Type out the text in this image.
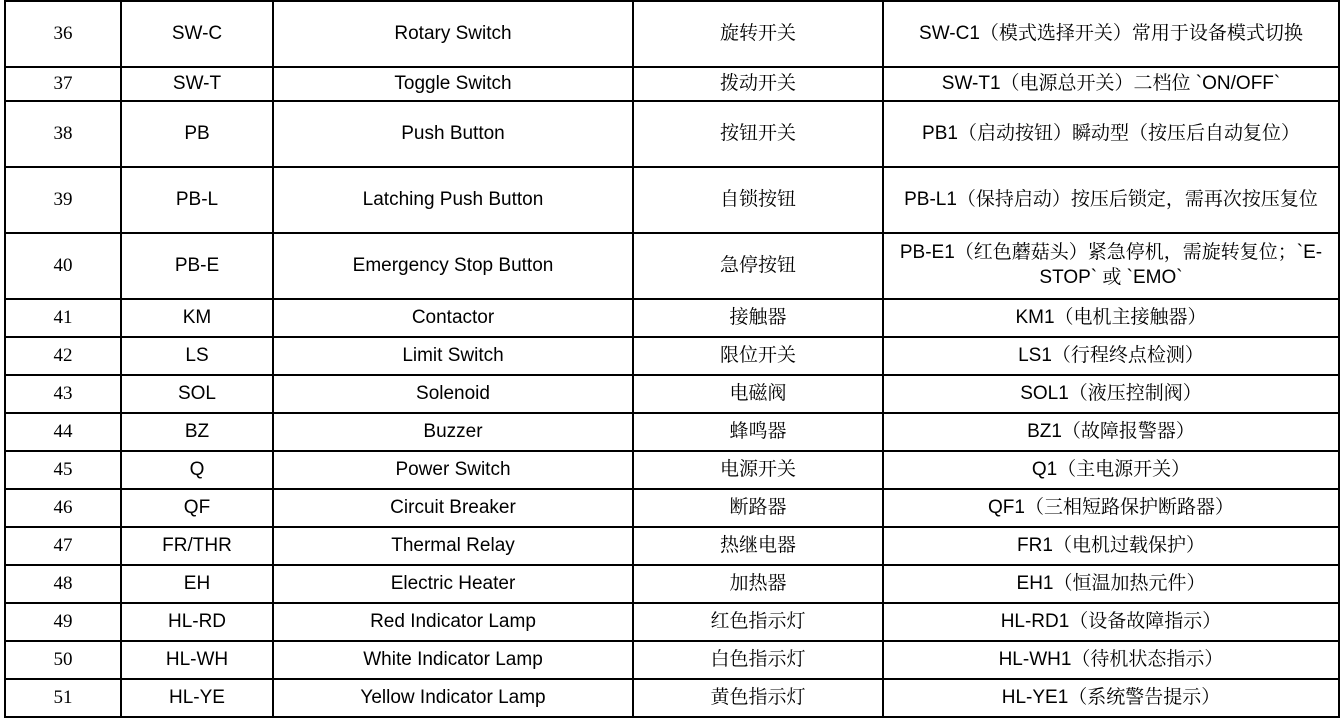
36	SW-C	Rotary Switch	旋转开关	SW-C1（模式选择开关）常用于设备模式切换
37	SW-T	Toggle Switch	拨动开关	SW-T1（电源总开关）二档位 `ON/OFF`
38	PB	Push Button	按钮开关	PB1（启动按钮）瞬动型（按压后自动复位）
39	PB-L	Latching Push Button	自锁按钮	PB-L1（保持启动）按压后锁定，需再次按压复位
40	PB-E	Emergency Stop Button	急停按钮	PB-E1（红色蘑菇头）紧急停机，需旋转复位；`E-STOP` 或 `EMO`
41	KM	Contactor	接触器	KM1（电机主接触器）
42	LS	Limit Switch	限位开关	LS1（行程终点检测）
43	SOL	Solenoid	电磁阀	SOL1（液压控制阀）
44	BZ	Buzzer	蜂鸣器	BZ1（故障报警器）
45	Q	Power Switch	电源开关	Q1（主电源开关）
46	QF	Circuit Breaker	断路器	QF1（三相短路保护断路器）
47	FR/THR	Thermal Relay	热继电器	FR1（电机过载保护）
48	EH	Electric Heater	加热器	EH1（恒温加热元件）
49	HL-RD	Red Indicator Lamp	红色指示灯	HL-RD1（设备故障指示）
50	HL-WH	White Indicator Lamp	白色指示灯	HL-WH1（待机状态指示）
51	HL-YE	Yellow Indicator Lamp	黄色指示灯	HL-YE1（系统警告提示）
